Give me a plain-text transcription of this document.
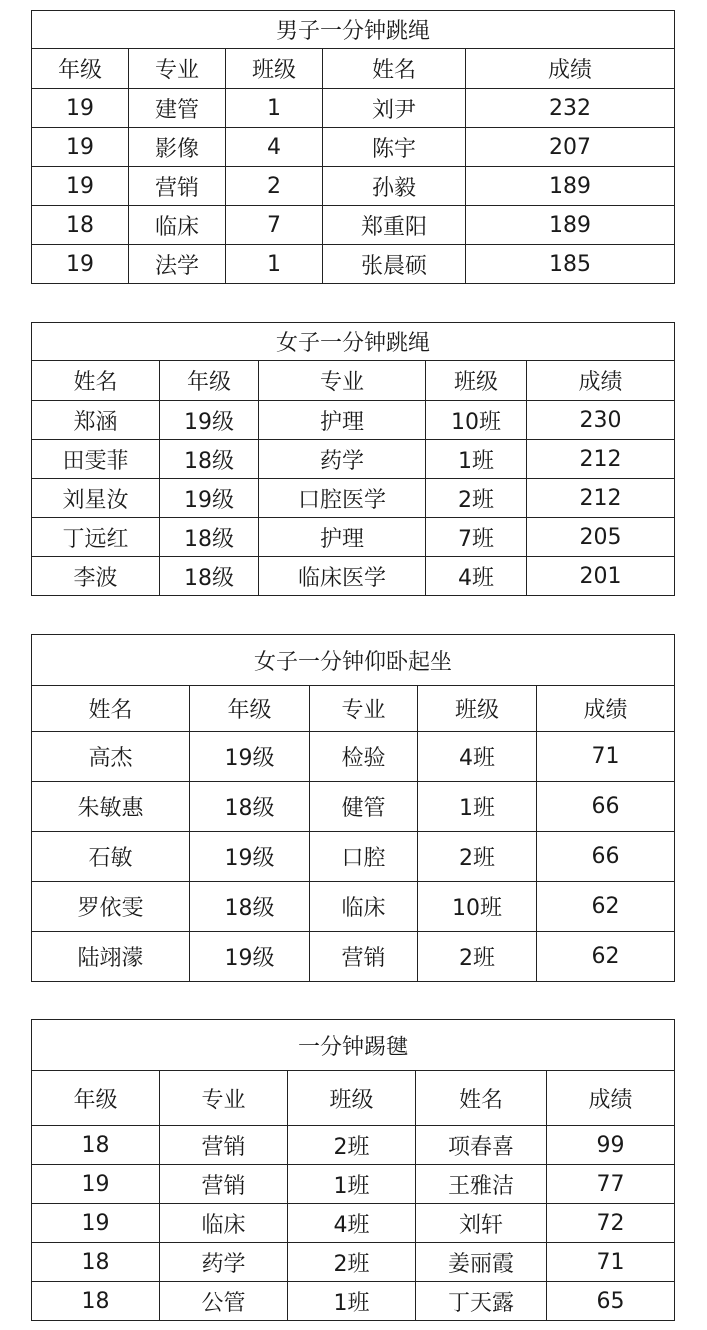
男子一分钟跳绳				
年级	专业	班级	姓名	成绩
19	建管	1	刘尹	232
19	影像	4	陈宇	207
19	营销	2	孙毅	189
18	临床	7	郑重阳	189
19	法学	1	张晨硕	185
女子一分钟跳绳				
姓名	年级	专业	班级	成绩
郑涵	19级	护理	10班	230
田雯菲	18级	药学	1班	212
刘星汝	19级	口腔医学	2班	212
丁远红	18级	护理	7班	205
李波	18级	临床医学	4班	201
女子一分钟仰卧起坐				
姓名	年级	专业	班级	成绩
高杰	19级	检验	4班	71
朱敏惠	18级	健管	1班	66
石敏	19级	口腔	2班	66
罗依雯	18级	临床	10班	62
陆翊濛	19级	营销	2班	62
一分钟踢毽				
年级	专业	班级	姓名	成绩
18	营销	2班	项春喜	99
19	营销	1班	王雅洁	77
19	临床	4班	刘轩	72
18	药学	2班	姜丽霞	71
18	公管	1班	丁天露	65
